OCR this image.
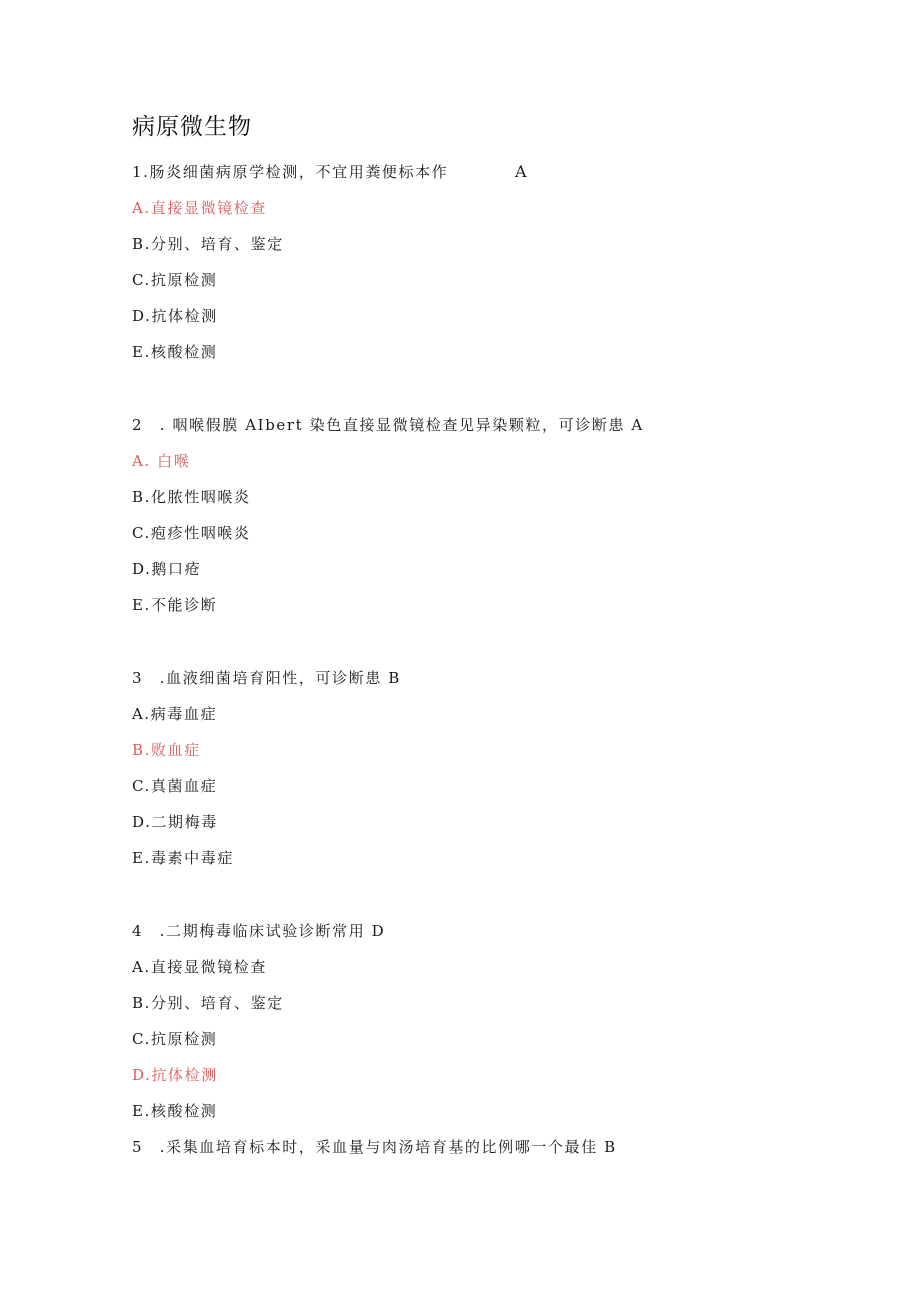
病原微生物
1.肠炎细菌病原学检测，不宜用粪便标本作	A
A.直接显微镜检查
B.分别、培育、鉴定
C.抗原检测
D.抗体检测
E.核酸检测
2　. 咽喉假膜 AIbert 染色直接显微镜检查见异染颗粒，可诊断患 A
A. 白喉
B.化脓性咽喉炎
C.疱疹性咽喉炎
D.鹅口疮
E.不能诊断
3　.血液细菌培育阳性，可诊断患 B
A.病毒血症
B.败血症
C.真菌血症
D.二期梅毒
E.毒素中毒症
4　.二期梅毒临床试验诊断常用 D
A.直接显微镜检查
B.分别、培育、鉴定
C.抗原检测
D.抗体检测
E.核酸检测
5　.采集血培育标本时，采血量与肉汤培育基的比例哪一个最佳 B
